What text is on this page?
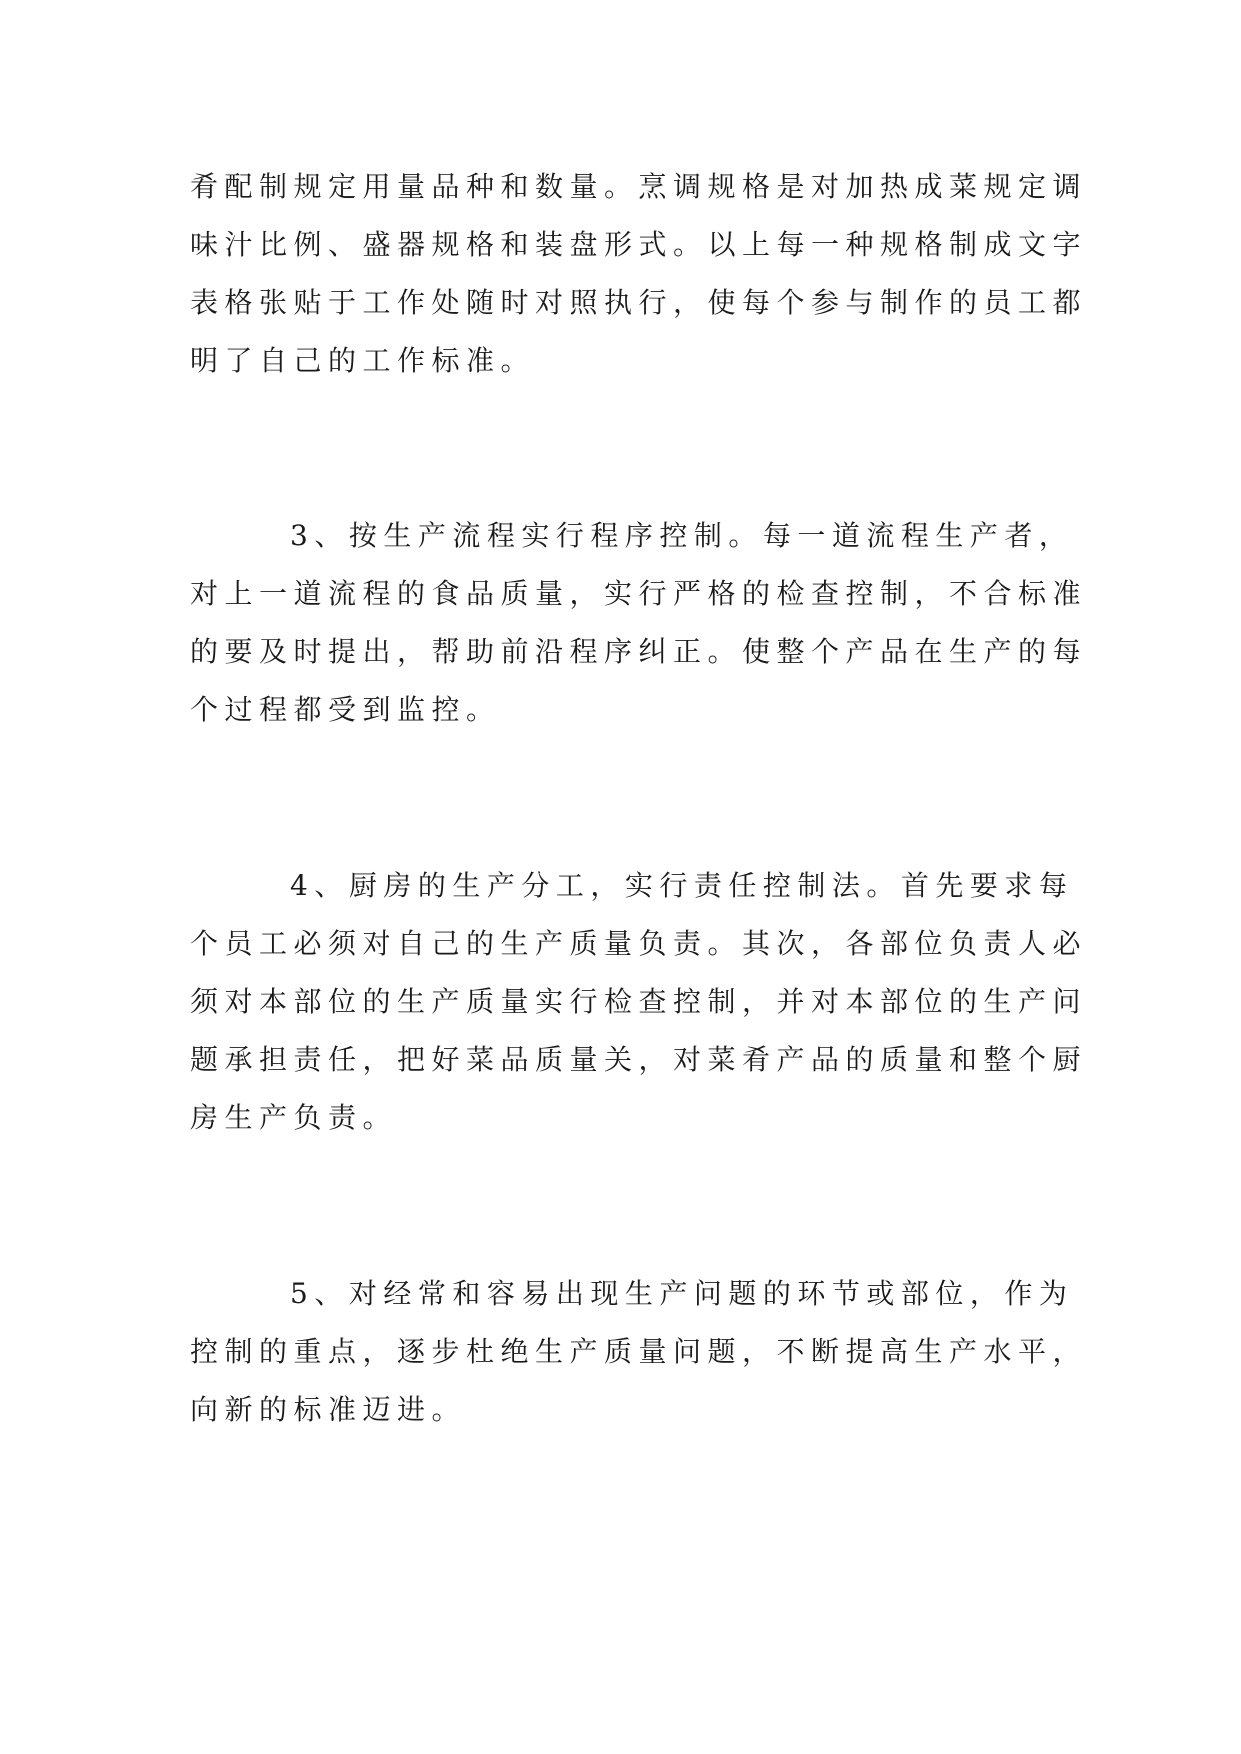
肴配制规定用量品种和数量。烹调规格是对加热成菜规定调
味汁比例、盛器规格和装盘形式。以上每一种规格制成文字
表格张贴于工作处随时对照执行，使每个参与制作的员工都
明了自己的工作标准。

3、按生产流程实行程序控制。每一道流程生产者，
对上一道流程的食品质量，实行严格的检查控制，不合标准
的要及时提出，帮助前沿程序纠正。使整个产品在生产的每
个过程都受到监控。

4、厨房的生产分工，实行责任控制法。首先要求每
个员工必须对自己的生产质量负责。其次，各部位负责人必
须对本部位的生产质量实行检查控制，并对本部位的生产问
题承担责任，把好菜品质量关，对菜肴产品的质量和整个厨
房生产负责。

5、对经常和容易出现生产问题的环节或部位，作为
控制的重点，逐步杜绝生产质量问题，不断提高生产水平，
向新的标准迈进。
